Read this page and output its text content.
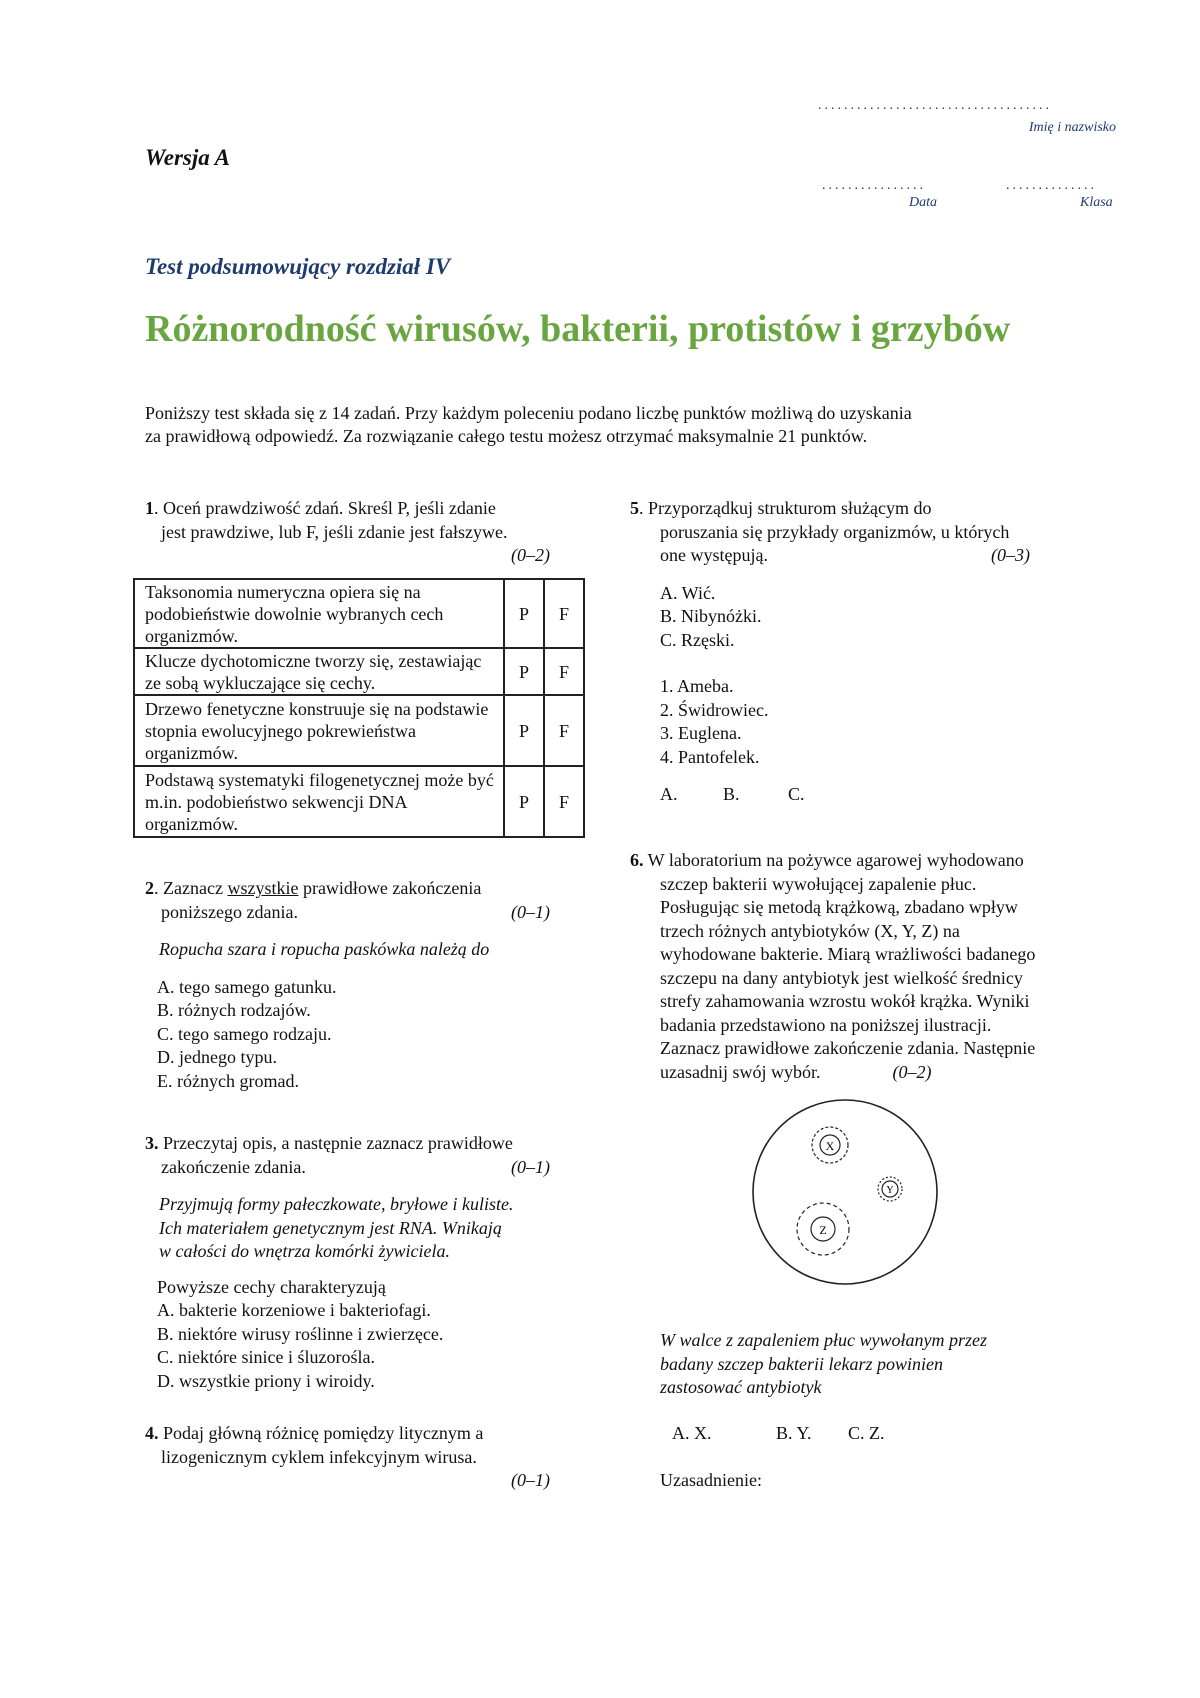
....................................
Imię i nazwisko
Wersja A
................	..............
Data	Klasa
Test podsumowujący rozdział IV
Różnorodność wirusów, bakterii, protistów i grzybów
Poniższy test składa się z 14 zadań. Przy każdym poleceniu podano liczbę punktów możliwą do uzyskania
za prawidłową odpowiedź. Za rozwiązanie całego testu możesz otrzymać maksymalnie 21 punktów.
1. Oceń prawdziwość zdań. Skreśl P, jeśli zdanie
jest prawdziwe, lub F, jeśli zdanie jest fałszywe.
(0–2)
Taksonomia numeryczna opiera się na podobieństwie dowolnie wybranych cech organizmów.	P	F
Klucze dychotomiczne tworzy się, zestawiając ze sobą wykluczające się cechy.	P	F
Drzewo fenetyczne konstruuje się na podstawie stopnia ewolucyjnego pokrewieństwa organizmów.	P	F
Podstawą systematyki filogenetycznej może być m.in. podobieństwo sekwencji DNA organizmów.	P	F
2. Zaznacz wszystkie prawidłowe zakończenia
poniższego zdania.	(0–1)
Ropucha szara i ropucha paskówka należą do
A. tego samego gatunku.
B. różnych rodzajów.
C. tego samego rodzaju.
D. jednego typu.
E. różnych gromad.
3. Przeczytaj opis, a następnie zaznacz prawidłowe
zakończenie zdania.	(0–1)
Przyjmują formy pałeczkowate, bryłowe i kuliste.
Ich materiałem genetycznym jest RNA. Wnikają
w całości do wnętrza komórki żywiciela.
Powyższe cechy charakteryzują
A. bakterie korzeniowe i bakteriofagi.
B. niektóre wirusy roślinne i zwierzęce.
C. niektóre sinice i śluzorośla.
D. wszystkie priony i wiroidy.
4. Podaj główną różnicę pomiędzy litycznym a
lizogenicznym cyklem infekcyjnym wirusa.
(0–1)
5. Przyporządkuj strukturom służącym do
poruszania się przykłady organizmów, u których
one występują.	(0–3)
A. Wić.
B. Nibynóżki.
C. Rzęski.
1. Ameba.
2. Świdrowiec.
3. Euglena.
4. Pantofelek.
A.	B.	C.
6. W laboratorium na pożywce agarowej wyhodowano
szczep bakterii wywołującej zapalenie płuc.
Posługując się metodą krążkową, zbadano wpływ
trzech różnych antybiotyków (X, Y, Z) na
wyhodowane bakterie. Miarą wrażliwości badanego
szczepu na dany antybiotyk jest wielkość średnicy
strefy zahamowania wzrostu wokół krążka. Wyniki
badania przedstawiono na poniższej ilustracji.
Zaznacz prawidłowe zakończenie zdania. Następnie
uzasadnij swój wybór.	(0–2)
X
Y
Z
W walce z zapaleniem płuc wywołanym przez
badany szczep bakterii lekarz powinien
zastosować antybiotyk
A. X.	B. Y. C. Z.
Uzasadnienie:
